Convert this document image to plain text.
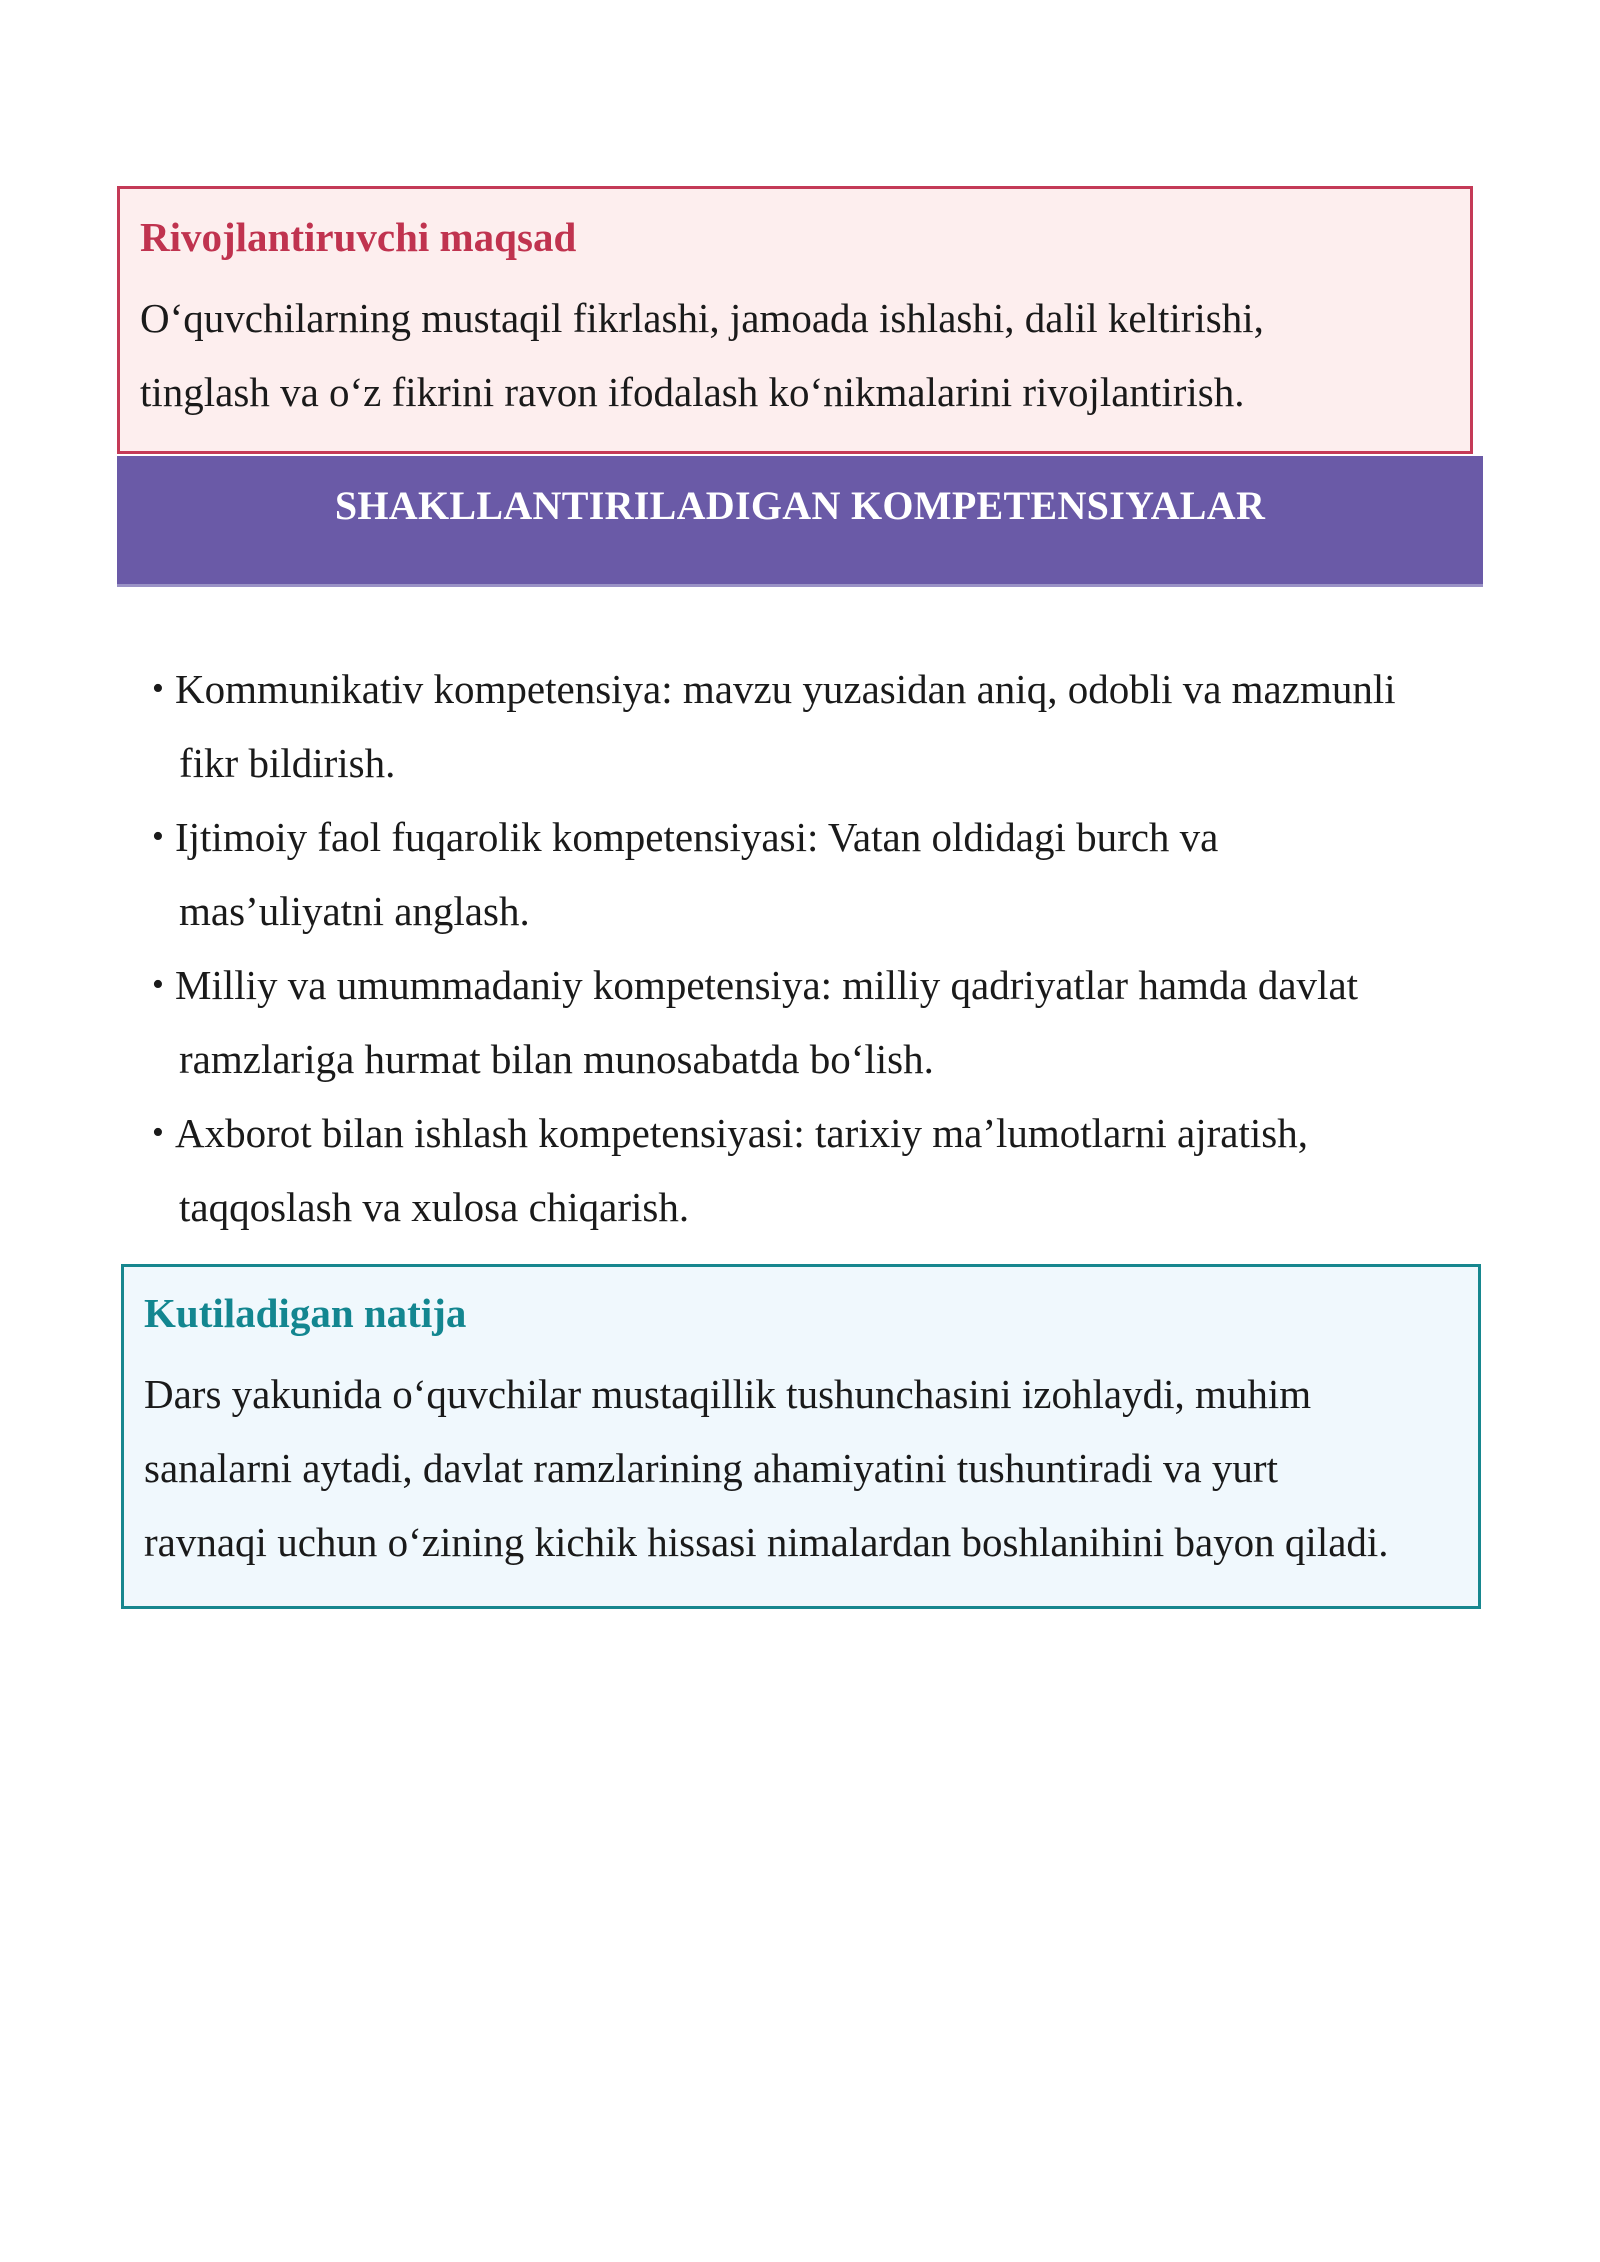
Rivojlantiruvchi maqsad

O‘quvchilarning mustaqil fikrlashi, jamoada ishlashi, dalil keltirishi,
tinglash va o‘z fikrini ravon ifodalash ko‘nikmalarini rivojlantirish.

SHAKLLANTIRILADIGAN KOMPETENSIYALAR
• Kommunikativ kompetensiya: mavzu yuzasidan aniq, odobli va mazmunli
fikr bildirish.
• Ijtimoiy faol fuqarolik kompetensiyasi: Vatan oldidagi burch va
mas’uliyatni anglash.
• Milliy va umummadaniy kompetensiya: milliy qadriyatlar hamda davlat
ramzlariga hurmat bilan munosabatda bo‘lish.
• Axborot bilan ishlash kompetensiyasi: tarixiy ma’lumotlarni ajratish,
taqqoslash va xulosa chiqarish.
Kutiladigan natija

Dars yakunida o‘quvchilar mustaqillik tushunchasini izohlaydi, muhim
sanalarni aytadi, davlat ramzlarining ahamiyatini tushuntiradi va yurt
ravnaqi uchun o‘zining kichik hissasi nimalardan boshlanihini bayon qiladi.
